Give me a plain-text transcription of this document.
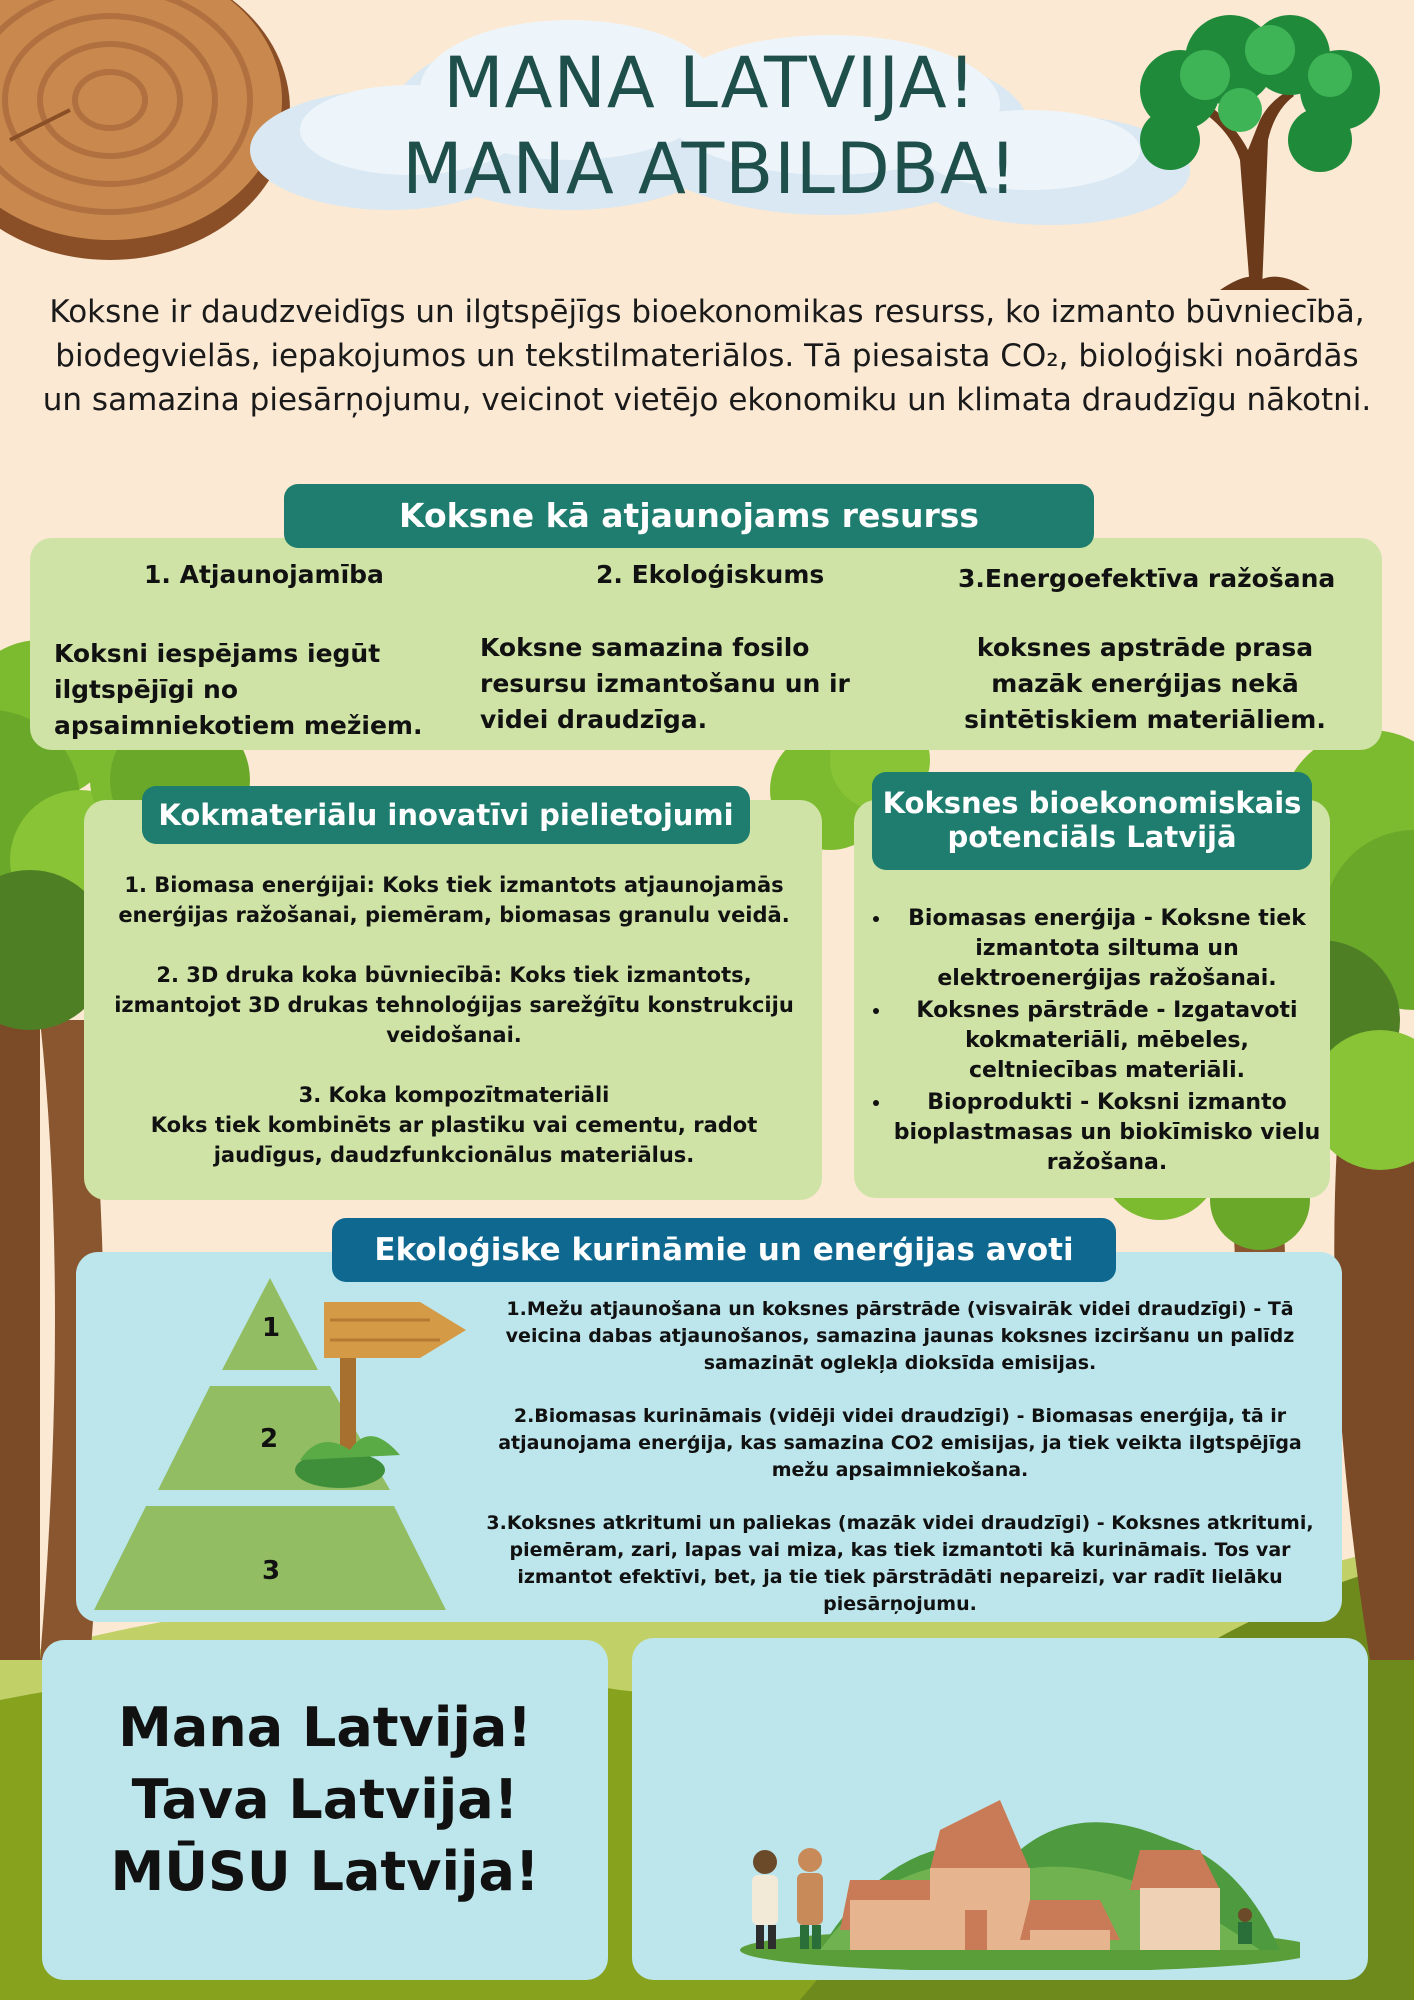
MANA LATVIJA!
MANA ATBILDBA!
Koksne ir daudzveidīgs un ilgtspējīgs bioekonomikas resurss, ko izmanto būvniecībā, biodegvielās, iepakojumos un tekstilmateriālos. Tā piesaista CO₂, bioloģiski noārdās un samazina piesārņojumu, veicinot vietējo ekonomiku un klimata draudzīgu nākotni.
Koksne kā atjaunojams resurss
1. Atjaunojamība
Koksni iespējams iegūt ilgtspējīgi no apsaimniekotiem mežiem.
2. Ekoloģiskums
Koksne samazina fosilo resursu izmantošanu un ir videi draudzīga.
3.Energoefektīva ražošana
koksnes apstrāde prasa mazāk enerģijas nekā sintētiskiem materiāliem.
Kokmateriālu inovatīvi pielietojumi
1. Biomasa enerģijai: Koks tiek izmantots atjaunojamās enerģijas ražošanai, piemēram, biomasas granulu veidā.
2. 3D druka koka būvniecībā: Koks tiek izmantots, izmantojot 3D drukas tehnoloģijas sarežģītu konstrukciju veidošanai.
3. Koka kompozītmateriāli
Koks tiek kombinēts ar plastiku vai cementu, radot jaudīgus, daudzfunkcionālus materiālus.
Koksnes bioekonomiskais
potenciāls Latvijā
• Biomasas enerģija - Koksne tiek izmantota siltuma un elektroenerģijas ražošanai.
• Koksnes pārstrāde - Izgatavoti kokmateriāli, mēbeles, celtniecības materiāli.
• Bioprodukti - Koksni izmanto bioplastmasas un biokīmisko vielu ražošana.
Ekoloģiske kurināmie un enerģijas avoti
1
2
3

1.Mežu atjaunošana un koksnes pārstrāde (visvairāk videi draudzīgi) - Tā veicina dabas atjaunošanos, samazina jaunas koksnes izciršanu un palīdz samazināt oglekļa dioksīda emisijas.

2.Biomasas kurināmais (vidēji videi draudzīgi) - Biomasas enerģija, tā ir atjaunojama enerģija, kas samazina CO2 emisijas, ja tiek veikta ilgtspējīga mežu apsaimniekošana.

3.Koksnes atkritumi un paliekas (mazāk videi draudzīgi) - Koksnes atkritumi, piemēram, zari, lapas vai miza, kas tiek izmantoti kā kurināmais. Tos var izmantot efektīvi, bet, ja tie tiek pārstrādāti nepareizi, var radīt lielāku piesārņojumu.

Mana Latvija!
Tava Latvija!
MŪSU Latvija!
